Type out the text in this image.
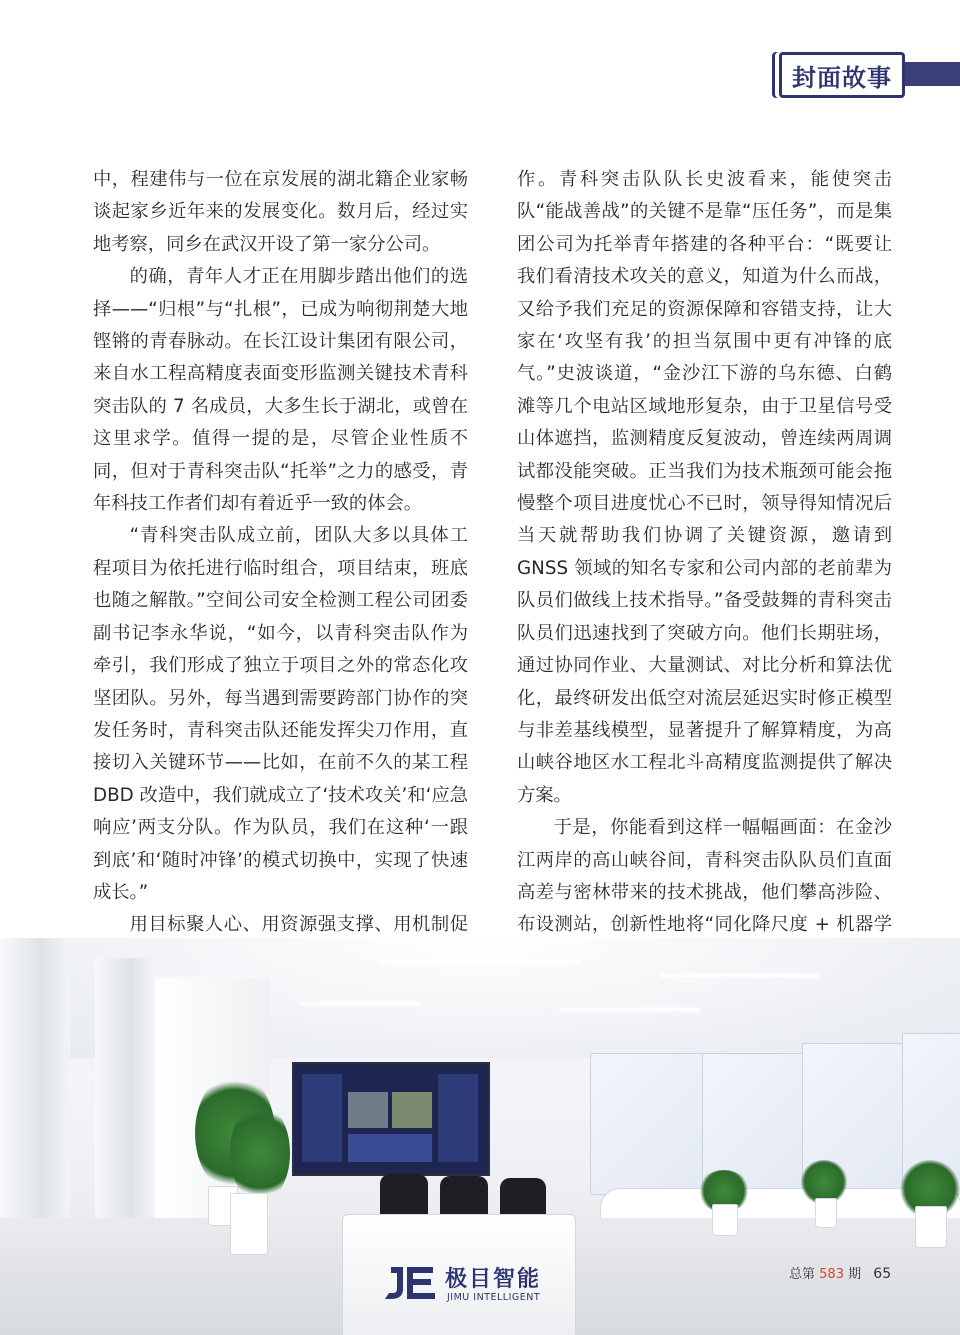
封面故事

中，程建伟与一位在京发展的湖北籍企业家畅谈起家乡近年来的发展变化。数月后，经过实地考察，同乡在武汉开设了第一家分公司。

的确，青年人才正在用脚步踏出他们的选择——“归根”与“扎根”，已成为响彻荆楚大地铿锵的青春脉动。在长江设计集团有限公司，来自水工程高精度表面变形监测关键技术青科突击队的 7 名成员，大多生长于湖北，或曾在这里求学。值得一提的是，尽管企业性质不同，但对于青科突击队“托举”之力的感受，青年科技工作者们却有着近乎一致的体会。

“青科突击队成立前，团队大多以具体工程项目为依托进行临时组合，项目结束，班底也随之解散。”空间公司安全检测工程公司团委副书记李永华说，“如今，以青科突击队作为牵引，我们形成了独立于项目之外的常态化攻坚团队。另外，每当遇到需要跨部门协作的突发任务时，青科突击队还能发挥尖刀作用，直接切入关键环节——比如，在前不久的某工程 DBD 改造中，我们就成立了‘技术攻关’和‘应急响应’两支分队。作为队员，我们在这种‘一跟到底’和‘随时冲锋’的模式切换中，实现了快速成长。”

用目标聚人心、用资源强支撑、用机制促

作。青科突击队队长史波看来，能使突击队“能战善战”的关键不是靠“压任务”，而是集团公司为托举青年搭建的各种平台：“既要让我们看清技术攻关的意义，知道为什么而战，又给予我们充足的资源保障和容错支持，让大家在‘攻坚有我’的担当氛围中更有冲锋的底气。”史波谈道，“金沙江下游的乌东德、白鹤滩等几个电站区域地形复杂，由于卫星信号受山体遮挡，监测精度反复波动，曾连续两周调试都没能突破。正当我们为技术瓶颈可能会拖慢整个项目进度忧心不已时，领导得知情况后当天就帮助我们协调了关键资源，邀请到 GNSS 领域的知名专家和公司内部的老前辈为队员们做线上技术指导。”备受鼓舞的青科突击队员们迅速找到了突破方向。他们长期驻场，通过协同作业、大量测试、对比分析和算法优化，最终研发出低空对流层延迟实时修正模型与非差基线模型，显著提升了解算精度，为高山峡谷地区水工程北斗高精度监测提供了解决方案。

于是，你能看到这样一幅幅画面：在金沙江两岸的高山峡谷间，青科突击队队员们直面高差与密林带来的技术挑战，他们攀高涉险、布设测站，创新性地将“同化降尺度 + 机器学

极目智能
JIMU INTELLIGENT
总第 583 期 65
